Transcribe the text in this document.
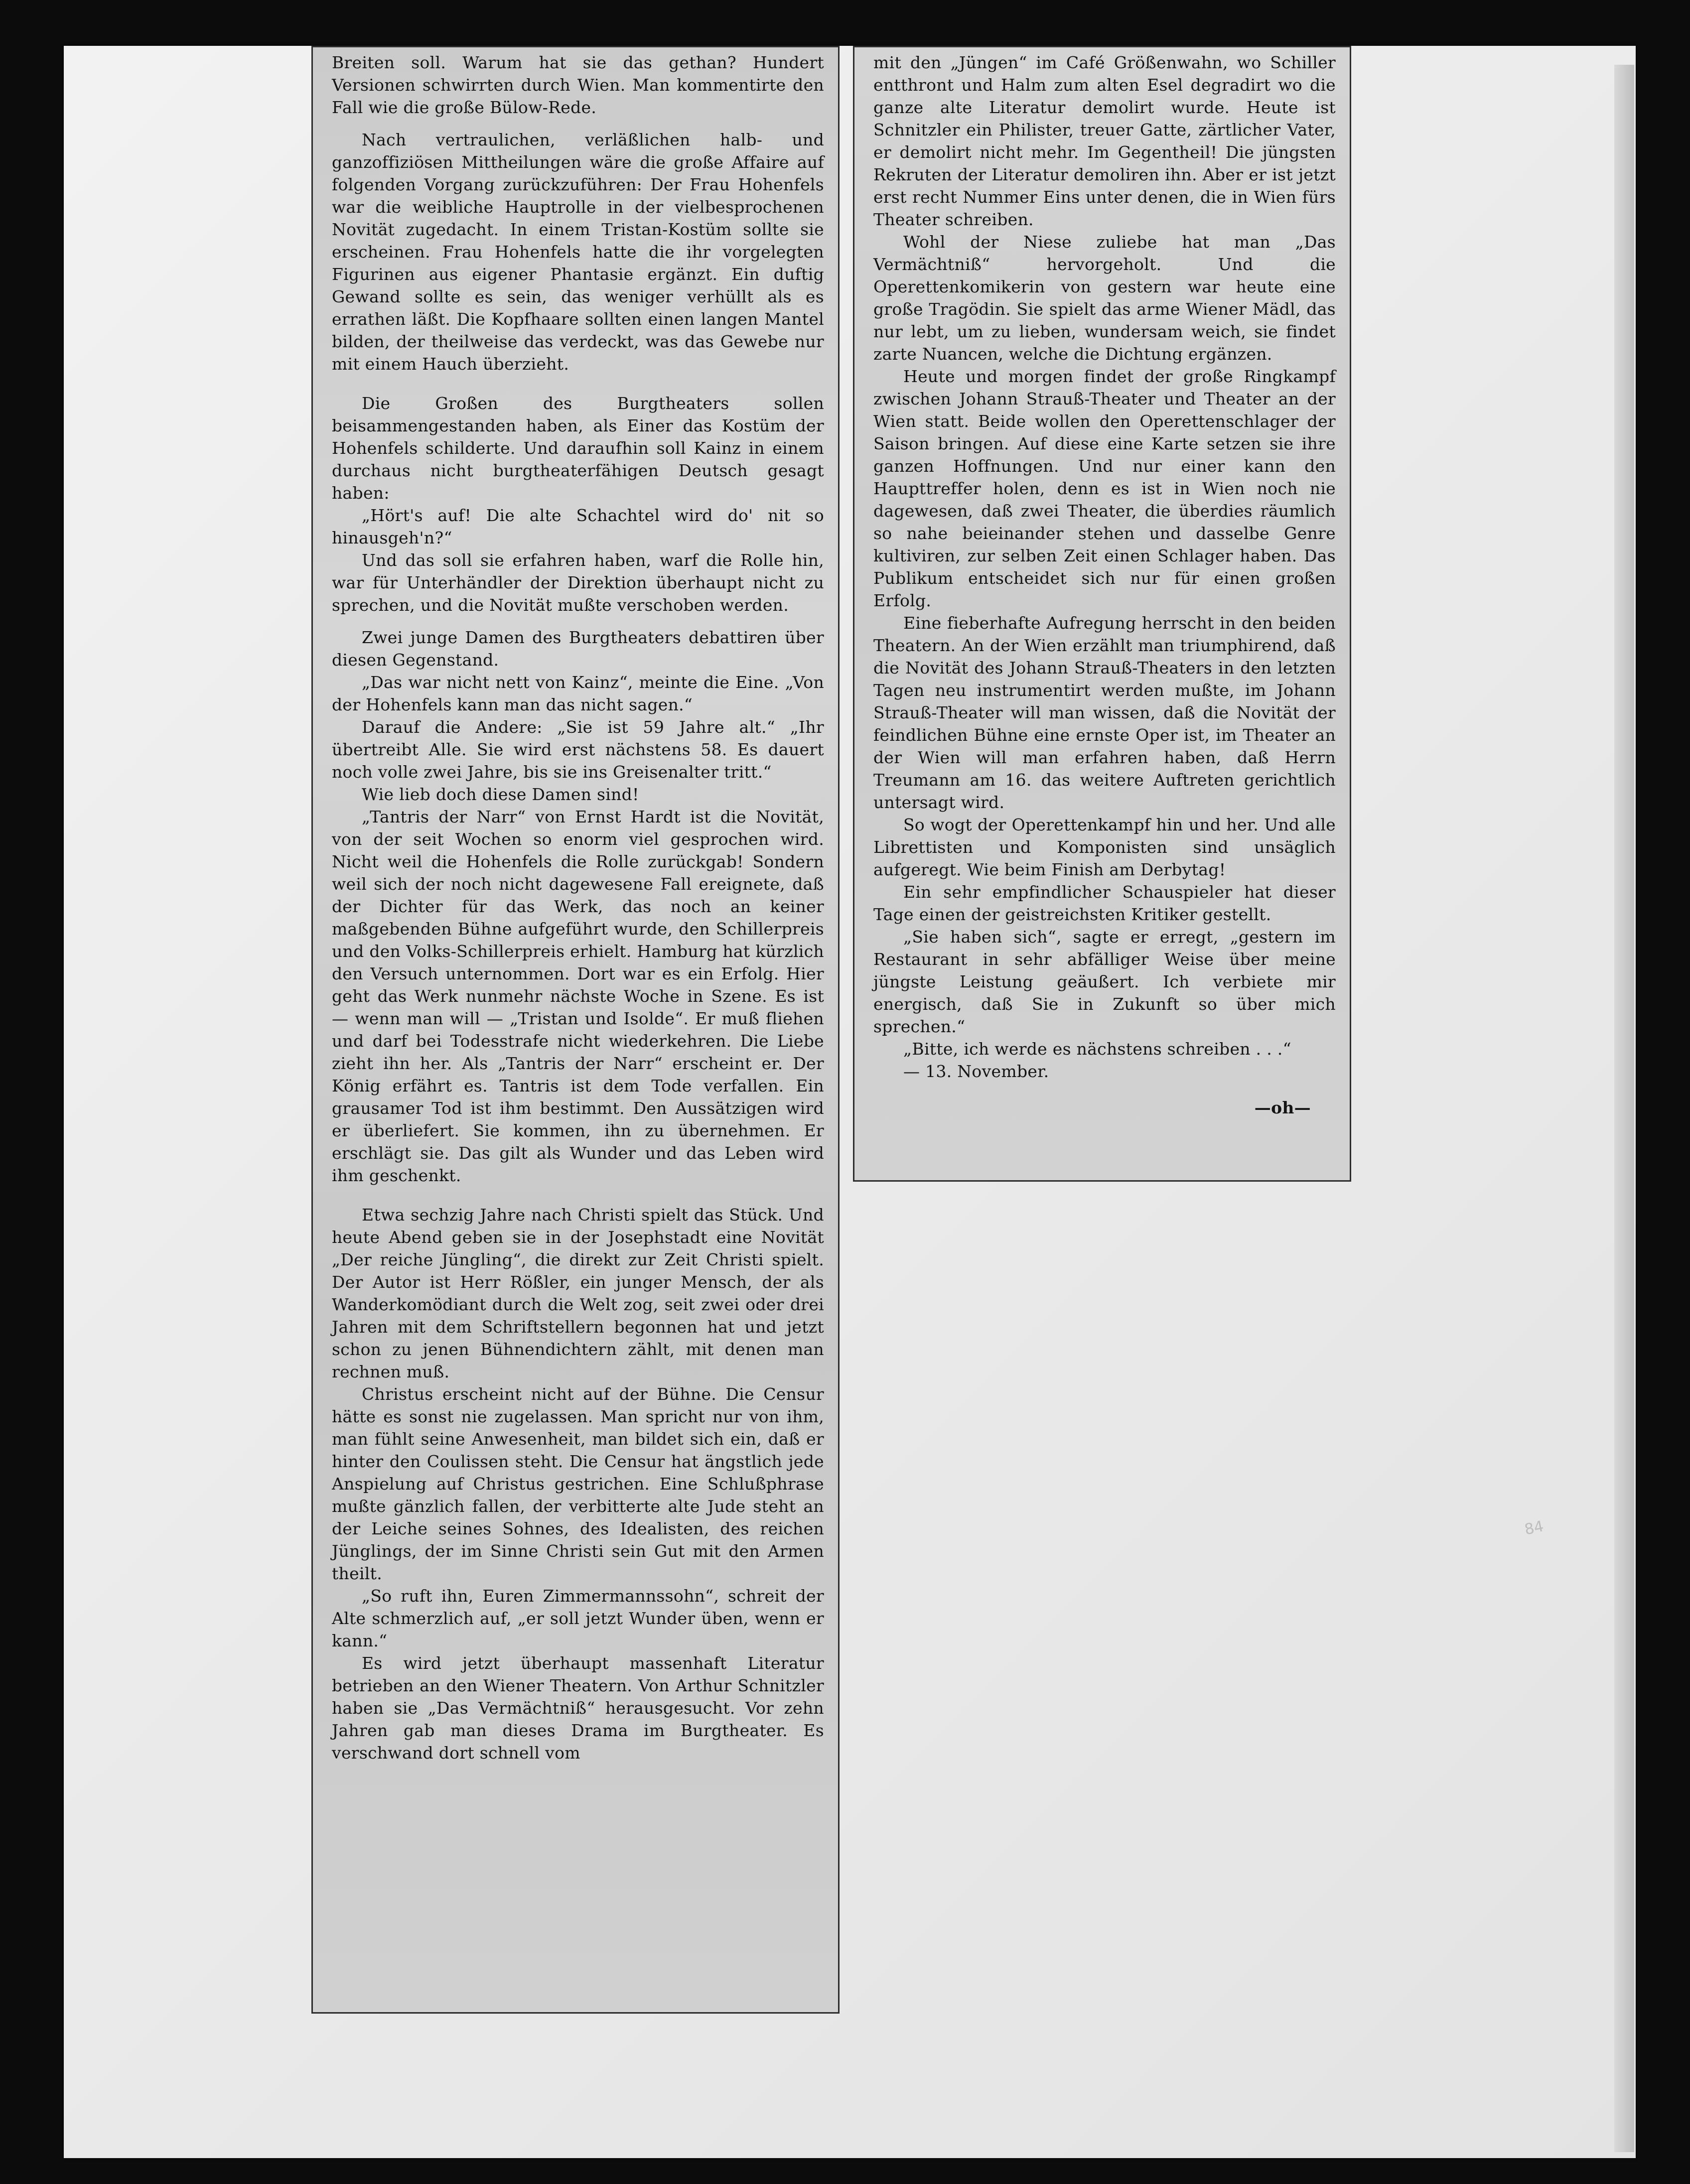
Breiten soll. Warum hat sie das gethan? Hundert Versionen schwirrten durch Wien. Man kommentirte den Fall wie die große Bülow-Rede.

Nach vertraulichen, verläßlichen halb- und ganzoffiziösen Mittheilungen wäre die große Affaire auf folgenden Vorgang zurückzuführen: Der Frau Hohenfels war die weibliche Hauptrolle in der vielbesprochenen Novität zugedacht. In einem Tristan-Kostüm sollte sie erscheinen. Frau Hohenfels hatte die ihr vorgelegten Figurinen aus eigener Phantasie ergänzt. Ein duftig Gewand sollte es sein, das weniger verhüllt als es errathen läßt. Die Kopfhaare sollten einen langen Mantel bilden, der theilweise das verdeckt, was das Gewebe nur mit einem Hauch überzieht.

Die Großen des Burgtheaters sollen beisammengestanden haben, als Einer das Kostüm der Hohenfels schilderte. Und daraufhin soll Kainz in einem durchaus nicht burgtheaterfähigen Deutsch gesagt haben:

„Hört's auf! Die alte Schachtel wird do' nit so hinausgeh'n?“

Und das soll sie erfahren haben, warf die Rolle hin, war für Unterhändler der Direktion überhaupt nicht zu sprechen, und die Novität mußte verschoben werden.

Zwei junge Damen des Burgtheaters debattiren über diesen Gegenstand.

„Das war nicht nett von Kainz“, meinte die Eine. „Von der Hohenfels kann man das nicht sagen.“

Darauf die Andere: „Sie ist 59 Jahre alt.“ „Ihr übertreibt Alle. Sie wird erst nächstens 58. Es dauert noch volle zwei Jahre, bis sie ins Greisenalter tritt.“

Wie lieb doch diese Damen sind!

„Tantris der Narr“ von Ernst Hardt ist die Novität, von der seit Wochen so enorm viel gesprochen wird. Nicht weil die Hohenfels die Rolle zurückgab! Sondern weil sich der noch nicht dagewesene Fall ereignete, daß der Dichter für das Werk, das noch an keiner maßgebenden Bühne aufgeführt wurde, den Schillerpreis und den Volks-Schillerpreis erhielt. Hamburg hat kürzlich den Versuch unternommen. Dort war es ein Erfolg. Hier geht das Werk nunmehr nächste Woche in Szene. Es ist — wenn man will — „Tristan und Isolde“. Er muß fliehen und darf bei Todesstrafe nicht wiederkehren. Die Liebe zieht ihn her. Als „Tantris der Narr“ erscheint er. Der König erfährt es. Tantris ist dem Tode verfallen. Ein grausamer Tod ist ihm bestimmt. Den Aussätzigen wird er überliefert. Sie kommen, ihn zu übernehmen. Er erschlägt sie. Das gilt als Wunder und das Leben wird ihm geschenkt.

Etwa sechzig Jahre nach Christi spielt das Stück. Und heute Abend geben sie in der Josephstadt eine Novität „Der reiche Jüngling“, die direkt zur Zeit Christi spielt. Der Autor ist Herr Rößler, ein junger Mensch, der als Wanderkomödiant durch die Welt zog, seit zwei oder drei Jahren mit dem Schriftstellern begonnen hat und jetzt schon zu jenen Bühnendichtern zählt, mit denen man rechnen muß.

Christus erscheint nicht auf der Bühne. Die Censur hätte es sonst nie zugelassen. Man spricht nur von ihm, man fühlt seine Anwesenheit, man bildet sich ein, daß er hinter den Coulissen steht. Die Censur hat ängstlich jede Anspielung auf Christus gestrichen. Eine Schlußphrase mußte gänzlich fallen, der verbitterte alte Jude steht an der Leiche seines Sohnes, des Idealisten, des reichen Jünglings, der im Sinne Christi sein Gut mit den Armen theilt.

„So ruft ihn, Euren Zimmermannssohn“, schreit der Alte schmerzlich auf, „er soll jetzt Wunder üben, wenn er kann.“

Es wird jetzt überhaupt massenhaft Literatur betrieben an den Wiener Theatern. Von Arthur Schnitzler haben sie „Das Vermächtniß“ herausgesucht. Vor zehn Jahren gab man dieses Drama im Burgtheater. Es verschwand dort schnell vom

mit den „Jüngen“ im Café Größenwahn, wo Schiller entthront und Halm zum alten Esel degradirt wo die ganze alte Literatur demolirt wurde. Heute ist Schnitzler ein Philister, treuer Gatte, zärtlicher Vater, er demolirt nicht mehr. Im Gegentheil! Die jüngsten Rekruten der Literatur demoliren ihn. Aber er ist jetzt erst recht Nummer Eins unter denen, die in Wien fürs Theater schreiben.

Wohl der Niese zuliebe hat man „Das Vermächtniß“ hervorgeholt. Und die Operettenkomikerin von gestern war heute eine große Tragödin. Sie spielt das arme Wiener Mädl, das nur lebt, um zu lieben, wundersam weich, sie findet zarte Nuancen, welche die Dichtung ergänzen.

Heute und morgen findet der große Ringkampf zwischen Johann Strauß-Theater und Theater an der Wien statt. Beide wollen den Operettenschlager der Saison bringen. Auf diese eine Karte setzen sie ihre ganzen Hoffnungen. Und nur einer kann den Haupttreffer holen, denn es ist in Wien noch nie dagewesen, daß zwei Theater, die überdies räumlich so nahe beieinander stehen und dasselbe Genre kultiviren, zur selben Zeit einen Schlager haben. Das Publikum entscheidet sich nur für einen großen Erfolg.

Eine fieberhafte Aufregung herrscht in den beiden Theatern. An der Wien erzählt man triumphirend, daß die Novität des Johann Strauß-Theaters in den letzten Tagen neu instrumentirt werden mußte, im Johann Strauß-Theater will man wissen, daß die Novität der feindlichen Bühne eine ernste Oper ist, im Theater an der Wien will man erfahren haben, daß Herrn Treumann am 16. das weitere Auftreten gerichtlich untersagt wird.

So wogt der Operettenkampf hin und her. Und alle Librettisten und Komponisten sind unsäglich aufgeregt. Wie beim Finish am Derbytag!

Ein sehr empfindlicher Schauspieler hat dieser Tage einen der geistreichsten Kritiker gestellt.

„Sie haben sich“, sagte er erregt, „gestern im Restaurant in sehr abfälliger Weise über meine jüngste Leistung geäußert. Ich verbiete mir energisch, daß Sie in Zukunft so über mich sprechen.“

„Bitte, ich werde es nächstens schreiben . . .“

— 13. November.

—oh—
84
